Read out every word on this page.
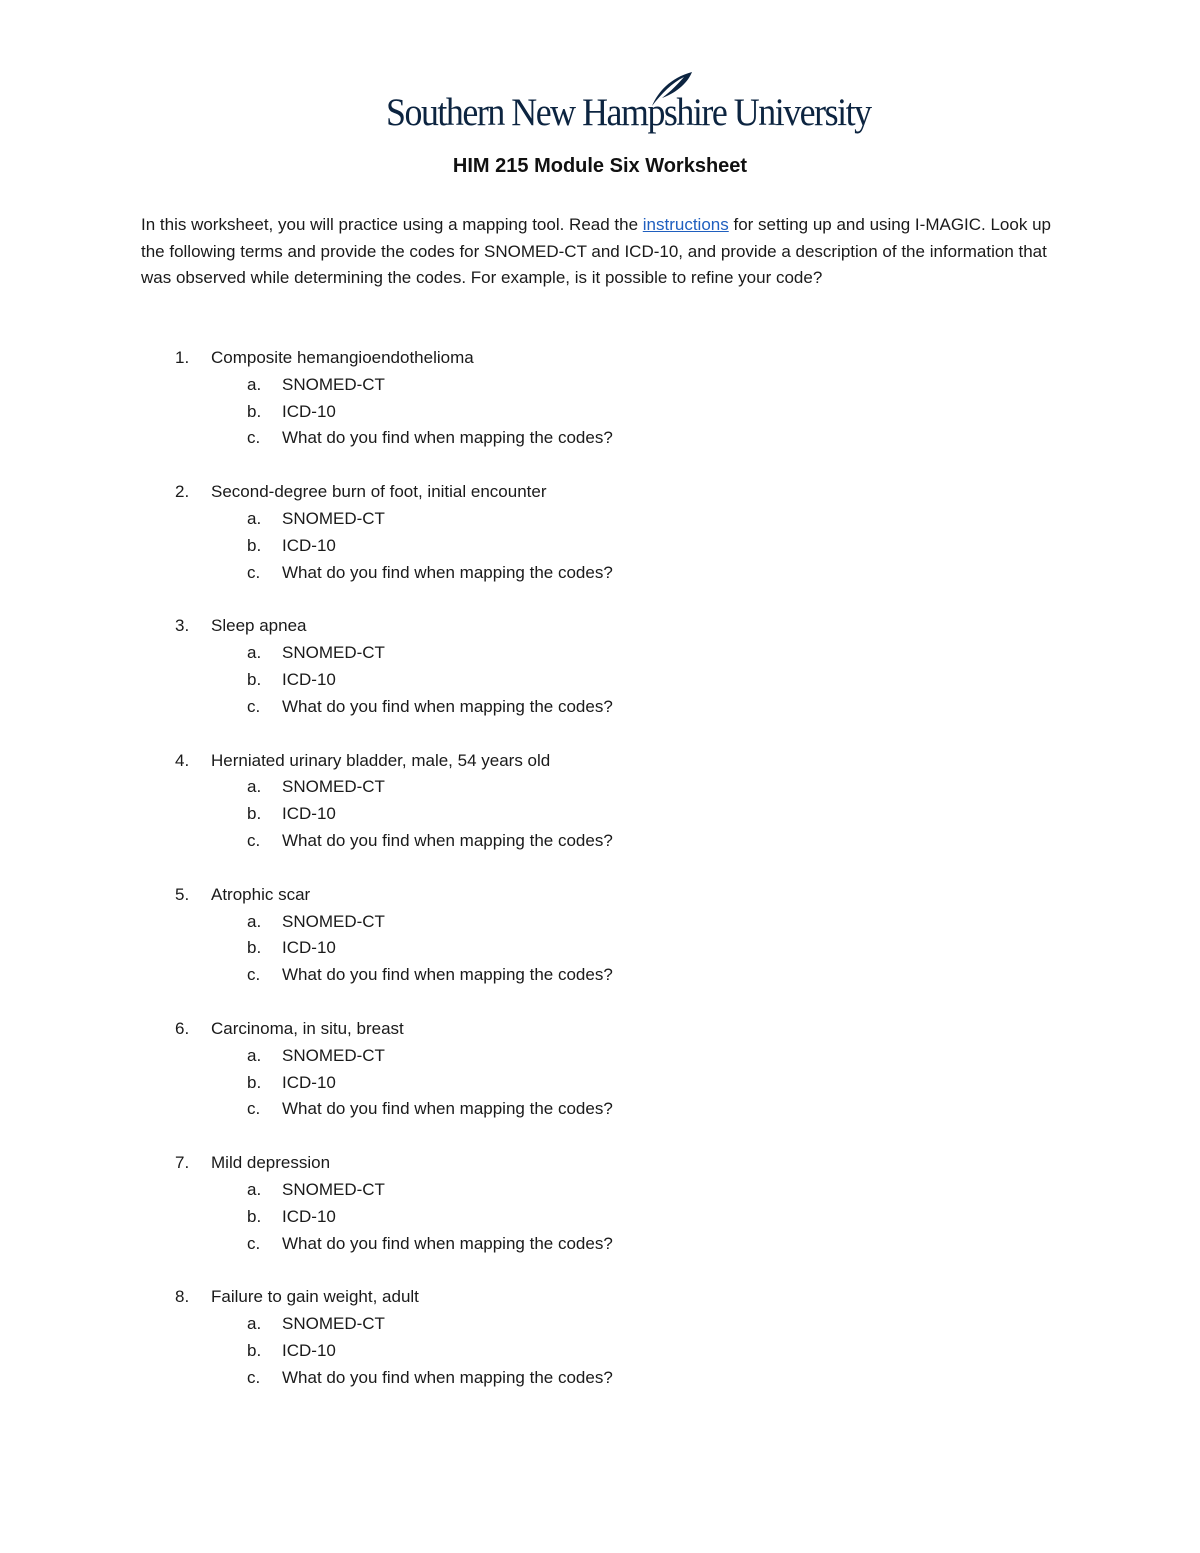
Southern New Hampshire University
HIM 215 Module Six Worksheet

In this worksheet, you will practice using a mapping tool. Read the instructions for setting up and using I-MAGIC. Look up the following terms and provide the codes for SNOMED-CT and ICD-10, and provide a description of the information that was observed while determining the codes. For example, is it possible to refine your code?

1. Composite hemangioendothelioma
a. SNOMED-CT
b. ICD-10
c. What do you find when mapping the codes?
2. Second-degree burn of foot, initial encounter
a. SNOMED-CT
b. ICD-10
c. What do you find when mapping the codes?
3. Sleep apnea
a. SNOMED-CT
b. ICD-10
c. What do you find when mapping the codes?
4. Herniated urinary bladder, male, 54 years old
a. SNOMED-CT
b. ICD-10
c. What do you find when mapping the codes?
5. Atrophic scar
a. SNOMED-CT
b. ICD-10
c. What do you find when mapping the codes?
6. Carcinoma, in situ, breast
a. SNOMED-CT
b. ICD-10
c. What do you find when mapping the codes?
7. Mild depression
a. SNOMED-CT
b. ICD-10
c. What do you find when mapping the codes?
8. Failure to gain weight, adult
a. SNOMED-CT
b. ICD-10
c. What do you find when mapping the codes?
